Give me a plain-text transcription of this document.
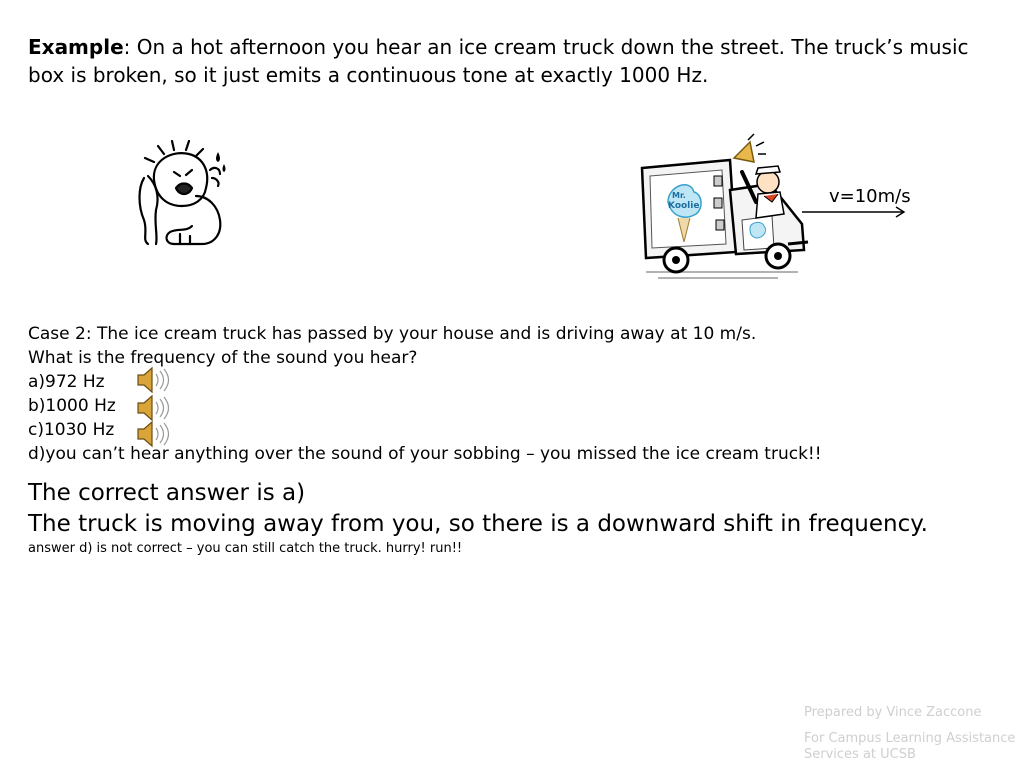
Example: On a hot afternoon you hear an ice cream truck down the street. The truck’s music box is broken, so it just emits a continuous tone at exactly 1000 Hz.
Mr.
Koolie	v=10m/s
Case 2: The ice cream truck has passed by your house and is driving away at 10 m/s.
What is the frequency of the sound you hear?
a)972 Hz
b)1000 Hz
c)1030 Hz
d)you can’t hear anything over the sound of your sobbing – you missed the ice cream truck!!
The correct answer is a)
The truck is moving away from you, so there is a downward shift in frequency.
answer d) is not correct – you can still catch the truck. hurry! run!!
Prepared by Vince Zaccone
For Campus Learning Assistance Services at UCSB
